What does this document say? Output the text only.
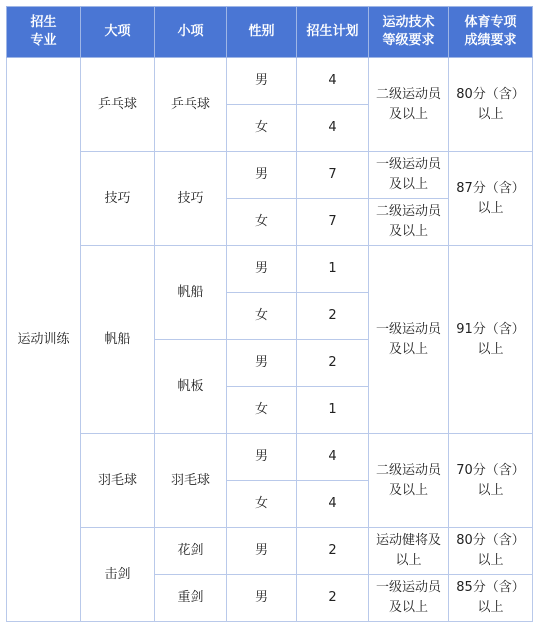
招生
专业	大项	小项	性别	招生计划	运动技术
等级要求	体育专项
成绩要求

运动训练	乒乓球	乒乓球	男	4	二级运动员
及以上	80分（含）
以上

			女	4		
	技巧	技巧	男	7	一级运动员
及以上	87分（含）
以上

			女	7	二级运动员
及以上	

	帆船	帆船	男	1	一级运动员
及以上	91分（含）
以上

			女	2		
		帆板	男	2		
			女	1		
	羽毛球	羽毛球	男	4	二级运动员
及以上	70分（含）
以上

			女	4		
	击剑	花剑	男	2	运动健将及
以上	80分（含）
以上

		重剑	男	2	一级运动员
及以上	85分（含）
以上
